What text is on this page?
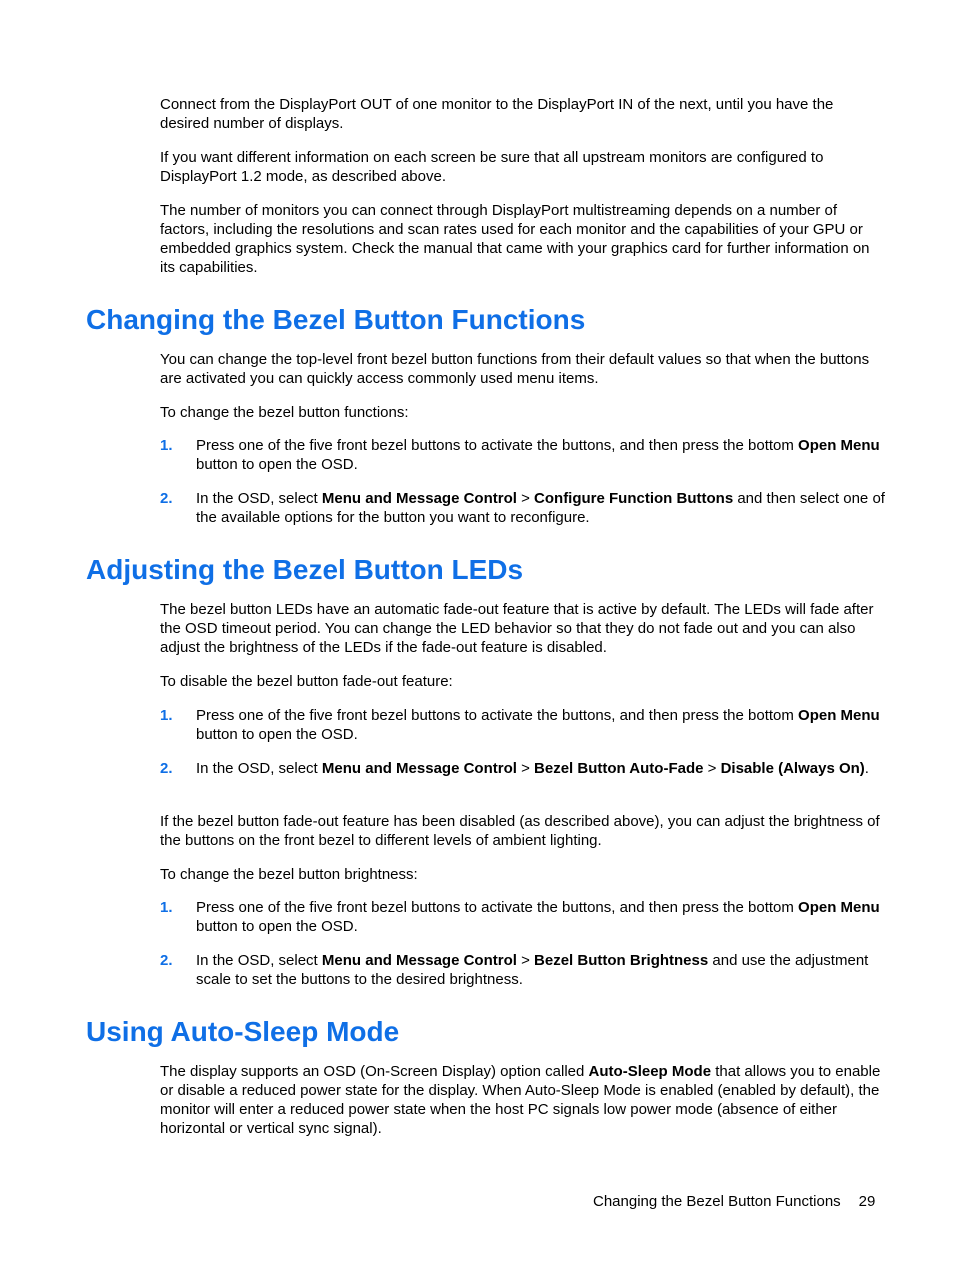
Connect from the DisplayPort OUT of one monitor to the DisplayPort IN of the next, until you have the desired number of displays.

If you want different information on each screen be sure that all upstream monitors are configured to DisplayPort 1.2 mode, as described above.

The number of monitors you can connect through DisplayPort multistreaming depends on a number of factors, including the resolutions and scan rates used for each monitor and the capabilities of your GPU or embedded graphics system. Check the manual that came with your graphics card for further information on its capabilities.

Changing the Bezel Button Functions

You can change the top-level front bezel button functions from their default values so that when the buttons are activated you can quickly access commonly used menu items.

To change the bezel button functions:

1. Press one of the five front bezel buttons to activate the buttons, and then press the bottom Open Menu button to open the OSD.
2. In the OSD, select Menu and Message Control > Configure Function Buttons and then select one of the available options for the button you want to reconfigure.
Adjusting the Bezel Button LEDs

The bezel button LEDs have an automatic fade-out feature that is active by default. The LEDs will fade after the OSD timeout period. You can change the LED behavior so that they do not fade out and you can also adjust the brightness of the LEDs if the fade-out feature is disabled.

To disable the bezel button fade-out feature:

1. Press one of the five front bezel buttons to activate the buttons, and then press the bottom Open Menu button to open the OSD.
2. In the OSD, select Menu and Message Control > Bezel Button Auto-Fade > Disable (Always On).

If the bezel button fade-out feature has been disabled (as described above), you can adjust the brightness of the buttons on the front bezel to different levels of ambient lighting.

To change the bezel button brightness:

1. Press one of the five front bezel buttons to activate the buttons, and then press the bottom Open Menu button to open the OSD.
2. In the OSD, select Menu and Message Control > Bezel Button Brightness and use the adjustment scale to set the buttons to the desired brightness.
Using Auto-Sleep Mode

The display supports an OSD (On-Screen Display) option called Auto-Sleep Mode that allows you to enable or disable a reduced power state for the display. When Auto-Sleep Mode is enabled (enabled by default), the monitor will enter a reduced power state when the host PC signals low power mode (absence of either horizontal or vertical sync signal).

Changing the Bezel Button Functions 29
